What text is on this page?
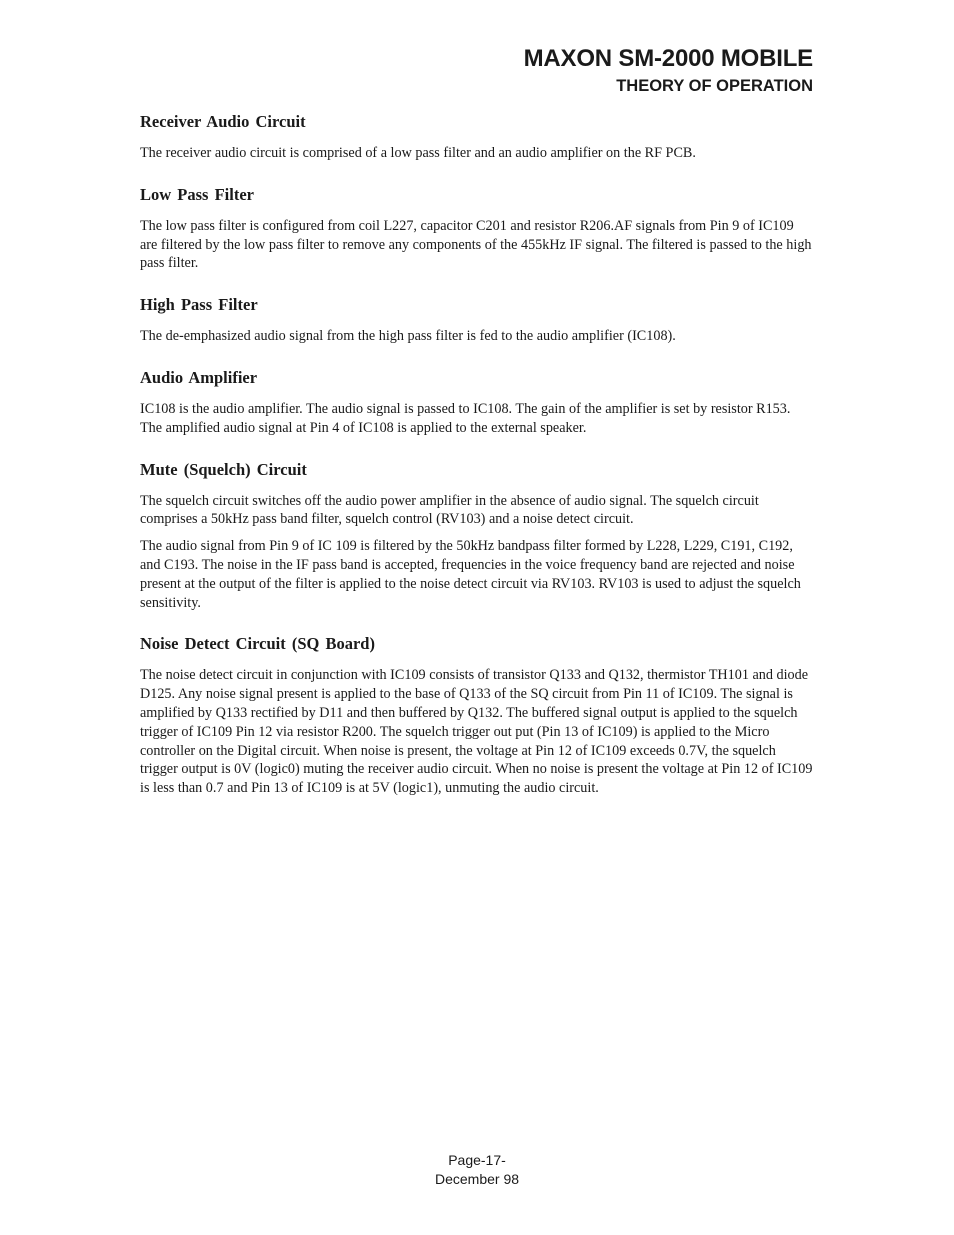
MAXON SM-2000 MOBILE
THEORY OF OPERATION
Receiver Audio Circuit

The receiver audio circuit is comprised of a low pass filter and an audio amplifier on the RF PCB.

Low Pass Filter

The low pass filter is configured from coil L227, capacitor C201 and resistor R206.AF signals from Pin 9 of IC109 are filtered by the low pass filter to remove any components of the 455kHz IF signal. The filtered is passed to the high pass filter.

High Pass Filter

The de-emphasized audio signal from the high pass filter is fed to the audio amplifier (IC108).

Audio Amplifier

IC108 is the audio amplifier. The audio signal is passed to IC108. The gain of the amplifier is set by resistor R153. The amplified audio signal at Pin 4 of IC108 is applied to the external speaker.

Mute (Squelch) Circuit

The squelch circuit switches off the audio power amplifier in the absence of audio signal. The squelch circuit comprises a 50kHz pass band filter, squelch control (RV103) and a noise detect circuit.

The audio signal from Pin 9 of IC 109 is filtered by the 50kHz bandpass filter formed by L228, L229, C191, C192, and C193. The noise in the IF pass band is accepted, frequencies in the voice frequency band are rejected and noise present at the output of the filter is applied to the noise detect circuit via RV103. RV103 is used to adjust the squelch sensitivity.

Noise Detect Circuit (SQ Board)

The noise detect circuit in conjunction with IC109 consists of transistor Q133 and Q132, thermistor TH101 and diode D125. Any noise signal present is applied to the base of Q133 of the SQ circuit from Pin 11 of IC109. The signal is amplified by Q133 rectified by D11 and then buffered by Q132. The buffered signal output is applied to the squelch trigger of IC109 Pin 12 via resistor R200. The squelch trigger out put (Pin 13 of IC109) is applied to the Micro controller on the Digital circuit. When noise is present, the voltage at Pin 12 of IC109 exceeds 0.7V, the squelch trigger output is 0V (logic0) muting the receiver audio circuit. When no noise is present the voltage at Pin 12 of IC109 is less than 0.7 and Pin 13 of IC109 is at 5V (logic1), unmuting the audio circuit.

Page-17-
December 98
